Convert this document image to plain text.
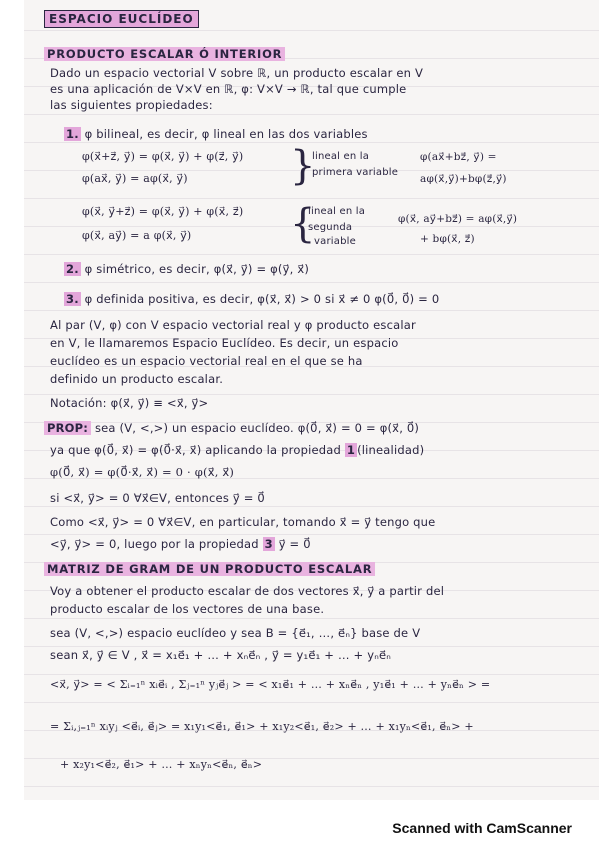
ESPACIO EUCLÍDEO
PRODUCTO ESCALAR Ó INTERIOR
Dado un espacio vectorial V sobre ℝ, un producto escalar en V
es una aplicación de V×V en ℝ, φ: V×V → ℝ, tal que cumple
las siguientes propiedades:
1. φ bilineal, es decir, φ lineal en las dos variables
φ(x⃗+z⃗, y⃗) = φ(x⃗, y⃗) + φ(z⃗, y⃗)
φ(ax⃗, y⃗) = aφ(x⃗, y⃗)	}
lineal en la
primera variable
φ(ax⃗+bz⃗, y⃗) =
aφ(x⃗,y⃗)+bφ(z⃗,y⃗)
φ(x⃗, y⃗+z⃗) = φ(x⃗, y⃗) + φ(x⃗, z⃗)
φ(x⃗, ay⃗) = a φ(x⃗, y⃗) {
lineal en la
segunda
variable
φ(x⃗, ay⃗+bz⃗) = aφ(x⃗,y⃗)
+ bφ(x⃗, z⃗)
2. φ simétrico, es decir, φ(x⃗, y⃗) = φ(y⃗, x⃗)
3. φ definida positiva, es decir, φ(x⃗, x⃗) > 0 si x⃗ ≠ 0 φ(0⃗, 0⃗) = 0
Al par (V, φ) con V espacio vectorial real y φ producto escalar
en V, le llamaremos Espacio Euclídeo. Es decir, un espacio
euclídeo es un espacio vectorial real en el que se ha
definido un producto escalar.
Notación: φ(x⃗, y⃗) ≡ <x⃗, y⃗>
PROP: sea (V, <,>) un espacio euclídeo. φ(0⃗, x⃗) = 0 = φ(x⃗, 0⃗)
ya que φ(0⃗, x⃗) = φ(0⃗·x⃗, x⃗) aplicando la propiedad 1 (linealidad)
φ(0⃗, x⃗) = φ(0⃗·x⃗, x⃗) = 0 · φ(x⃗, x⃗)
si <x⃗, y⃗> = 0 ∀x⃗∈V, entonces y⃗ = 0⃗
Como <x⃗, y⃗> = 0 ∀x⃗∈V, en particular, tomando x⃗ = y⃗ tengo que
<y⃗, y⃗> = 0, luego por la propiedad 3 y⃗ = 0⃗
MATRIZ DE GRAM DE UN PRODUCTO ESCALAR
Voy a obtener el producto escalar de dos vectores x⃗, y⃗ a partir del
producto escalar de los vectores de una base.
sea (V, <,>) espacio euclídeo y sea B = {e⃗₁, …, e⃗ₙ} base de V
sean x⃗, y⃗ ∈ V , x⃗ = x₁e⃗₁ + … + xₙe⃗ₙ , y⃗ = y₁e⃗₁ + … + yₙe⃗ₙ
<x⃗, y⃗> = < Σᵢ₌₁ⁿ xᵢe⃗ᵢ , Σⱼ₌₁ⁿ yⱼe⃗ⱼ > = < x₁e⃗₁ + … + xₙe⃗ₙ , y₁e⃗₁ + … + yₙe⃗ₙ > =
= Σᵢ,ⱼ₌₁ⁿ xᵢyⱼ <e⃗ᵢ, e⃗ⱼ> = x₁y₁<e⃗₁, e⃗₁> + x₁y₂<e⃗₁, e⃗₂> + … + x₁yₙ<e⃗₁, e⃗ₙ> +
+ x₂y₁<e⃗₂, e⃗₁> + … + xₙyₙ<e⃗ₙ, e⃗ₙ>
Scanned with CamScanner
